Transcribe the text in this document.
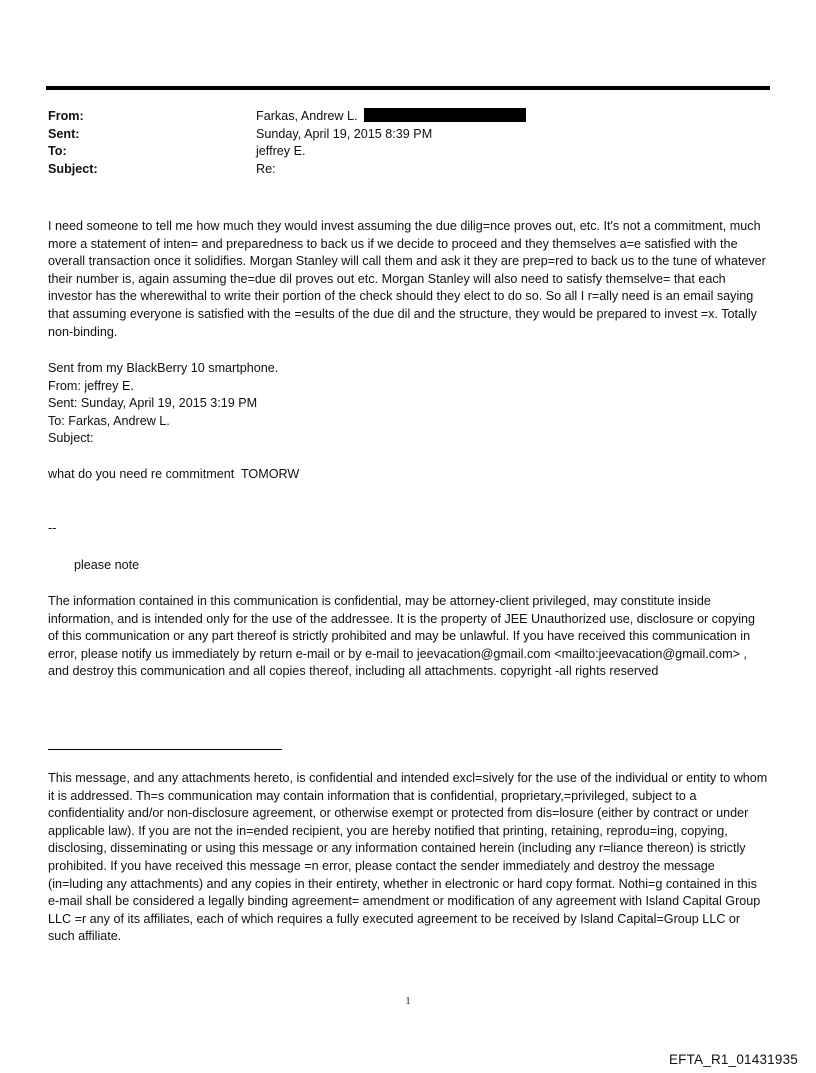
From:	Farkas, Andrew L.
Sent:	Sunday, April 19, 2015 8:39 PM
To:	jeffrey E.
Subject:	Re:

I need someone to tell me how much they would invest assuming the due dilig=nce proves out, etc. It's not a commitment, much more a statement of inten= and preparedness to back us if we decide to proceed and they themselves a=e satisfied with the overall transaction once it solidifies. Morgan Stanley will call them and ask it they are prep=red to back us to the tune of whatever their number is, again assuming the=due dil proves out etc. Morgan Stanley will also need to satisfy themselve= that each investor has the wherewithal to write their portion of the check should they elect to do so. So all I r=ally need is an email saying that assuming everyone is satisfied with the =esults of the due dil and the structure, they would be prepared to invest =x. Totally non-binding.

Sent from my BlackBerry 10 smartphone.
From: jeffrey E.
Sent: Sunday, April 19, 2015 3:19 PM
To: Farkas, Andrew L.
Subject:

what do you need re commitment  TOMORW

--

please note

The information contained in this communication is confidential, may be attorney-client privileged, may constitute inside information, and is intended only for the use of the addressee. It is the property of JEE Unauthorized use, disclosure or copying of this communication or any part thereof is strictly prohibited and may be unlawful. If you have received this communication in error, please notify us immediately by return e-mail or by e-mail to jeevacation@gmail.com <mailto:jeevacation@gmail.com> , and destroy this communication and all copies thereof, including all attachments. copyright -all rights reserved

This message, and any attachments hereto, is confidential and intended excl=sively for the use of the individual or entity to whom it is addressed. Th=s communication may contain information that is confidential, proprietary,=privileged, subject to a confidentiality and/or non-disclosure agreement, or otherwise exempt or protected from dis=losure (either by contract or under applicable law). If you are not the in=ended recipient, you are hereby notified that printing, retaining, reprodu=ing, copying, disclosing, disseminating or using this message or any information contained herein (including any r=liance thereon) is strictly prohibited. If you have received this message =n error, please contact the sender immediately and destroy the message (in=luding any attachments) and any copies in their entirety, whether in electronic or hard copy format. Nothi=g contained in this e-mail shall be considered a legally binding agreement= amendment or modification of any agreement with Island Capital Group LLC =r any of its affiliates, each of which requires a fully executed agreement to be received by Island Capital=Group LLC or such affiliate.

1
EFTA_R1_01431935
